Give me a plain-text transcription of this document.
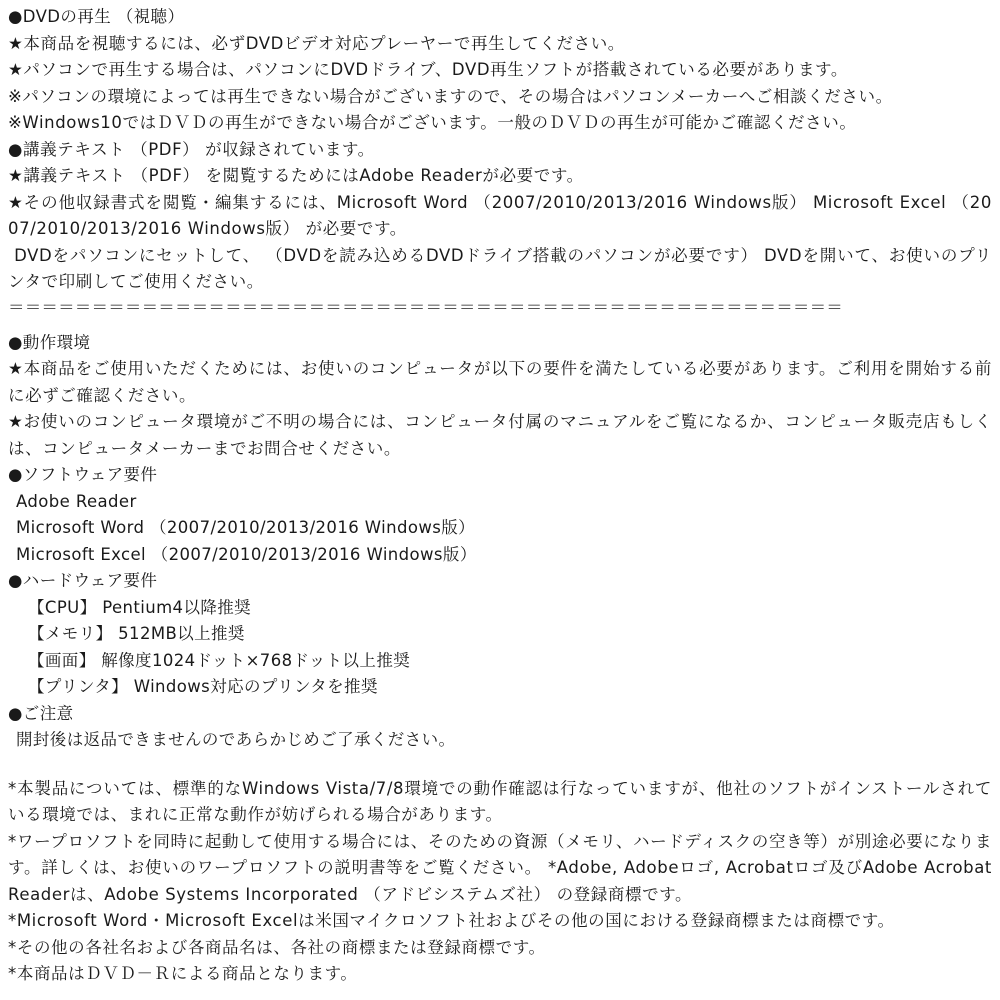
●DVDの再生 （視聴）
★本商品を視聴するには、必ずDVDビデオ対応プレーヤーで再生してください。
★パソコンで再生する場合は、パソコンにDVDドライブ、DVD再生ソフトが搭載されている必要があります。
※パソコンの環境によっては再生できない場合がございますので、その場合はパソコンメーカーへご相談ください。
※Windows10ではＤＶＤの再生ができない場合がございます。一般のＤＶＤの再生が可能かご確認ください。
●講義テキスト （PDF） が収録されています。
★講義テキスト （PDF） を閲覧するためにはAdobe Readerが必要です。
★その他収録書式を閲覧・編集するには、Microsoft Word （2007/2010/2013/2016 Windows版） Microsoft Excel （2007/2010/2013/2016 Windows版） が必要です。
DVDをパソコンにセットして、 （DVDを読み込めるDVDドライブ搭載のパソコンが必要です） DVDを開いて、お使いのプリンタで印刷してご使用ください。
＝＝＝＝＝＝＝＝＝＝＝＝＝＝＝＝＝＝＝＝＝＝＝＝＝＝＝＝＝＝＝＝＝＝＝＝＝＝＝＝＝＝＝＝＝＝＝＝＝＝
●動作環境
★本商品をご使用いただくためには、お使いのコンピュータが以下の要件を満たしている必要があります。ご利用を開始する前に必ずご確認ください。
★お使いのコンピュータ環境がご不明の場合には、コンピュータ付属のマニュアルをご覧になるか、コンピュータ販売店もしくは、コンピュータメーカーまでお問合せください。
●ソフトウェア要件
Adobe Reader
Microsoft Word （2007/2010/2013/2016 Windows版）
Microsoft Excel （2007/2010/2013/2016 Windows版）
●ハードウェア要件
【CPU】 Pentium4以降推奨
【メモリ】 512MB以上推奨
【画面】 解像度1024ドット×768ドット以上推奨
【プリンタ】 Windows対応のプリンタを推奨
●ご注意
開封後は返品できませんのであらかじめご了承ください。
*本製品については、標準的なWindows Vista/7/8環境での動作確認は行なっていますが、他社のソフトがインストールされている環境では、まれに正常な動作が妨げられる場合があります。
*ワープロソフトを同時に起動して使用する場合には、そのための資源（メモリ、ハードディスクの空き等）が別途必要になります。詳しくは、お使いのワープロソフトの説明書等をご覧ください。 *Adobe, Adobeロゴ, Acrobatロゴ及びAdobe Acrobat Readerは、Adobe Systems Incorporated （アドビシステムズ社） の登録商標です。
*Microsoft Word・Microsoft Excelは米国マイクロソフト社およびその他の国における登録商標または商標です。
*その他の各社名および各商品名は、各社の商標または登録商標です。
*本商品はＤＶＤ－Ｒによる商品となります。
